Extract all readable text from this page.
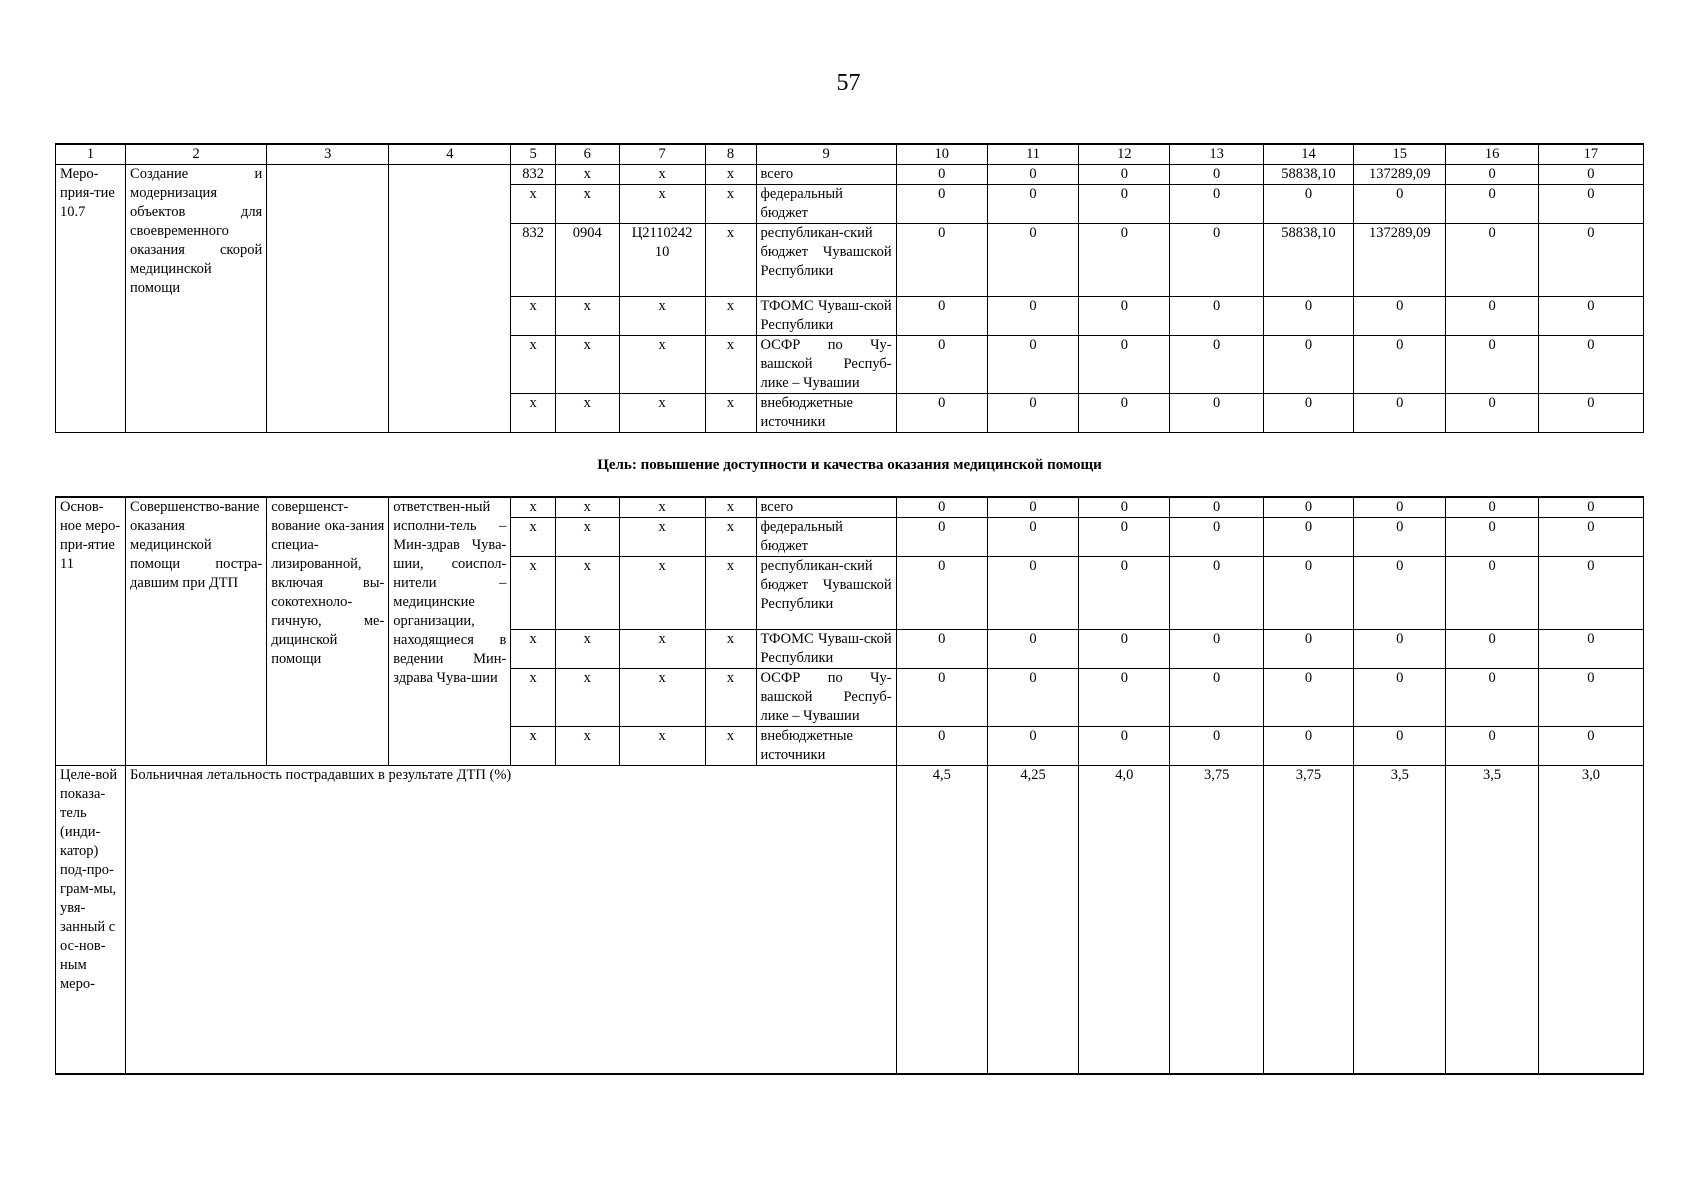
57
1	2	3	4	5	6	7	8	9	10	11	12	13	14	15	16	17	
Меро-прия-тие 10.7	Создание и модернизация объектов для своевременного оказания скорой медицинской помощи			832	х	х	х	всего	0	0	0	0	58838,10	137289,09	0	0	
				х	х	х	х	федеральный бюджет	0	0	0	0	0	0	0	0	
				832	0904	Ц2110242 10	х	республикан-ский бюджет Чувашской Республики	0	0	0	0	58838,10	137289,09	0	0	
				х	х	х	х	ТФОМС Чуваш-ской Республики	0	0	0	0	0	0	0	0	
				х	х	х	х	ОСФР по Чу-вашской Респуб-лике – Чувашии	0	0	0	0	0	0	0	0	
				х	х	х	х	внебюджетные источники	0	0	0	0	0	0	0	0	
Цель: повышение доступности и качества оказания медицинской помощи
Основ-ное меро-при-ятие 11	Совершенство-вание оказания медицинской помощи постра-давшим при ДТП	совершенст-вование ока-зания специа-лизированной, включая вы-сокотехноло-гичную, ме-дицинской помощи	ответствен-ный исполни-тель – Мин-здрав Чува-шии, соиспол-нители – медицинские организации, находящиеся в ведении Мин-здрава Чува-шии	х	х	х	х	всего	0	0	0	0	0	0	0	0	
				х	х	х	х	федеральный бюджет	0	0	0	0	0	0	0	0	
				х	х	х	х	республикан-ский бюджет Чувашской Республики	0	0	0	0	0	0	0	0	
				х	х	х	х	ТФОМС Чуваш-ской Республики	0	0	0	0	0	0	0	0	
				х	х	х	х	ОСФР по Чу-вашской Респуб-лике – Чувашии	0	0	0	0	0	0	0	0	
				х	х	х	х	внебюджетные источники	0	0	0	0	0	0	0	0	
Целе-вой показа-тель (инди-катор) под-про-грам-мы, увя-занный с ос-нов-ным меро-	Больничная летальность пострадавших в результате ДТП (%)								4,5	4,25	4,0	3,75	3,75	3,5	3,5	3,0	
